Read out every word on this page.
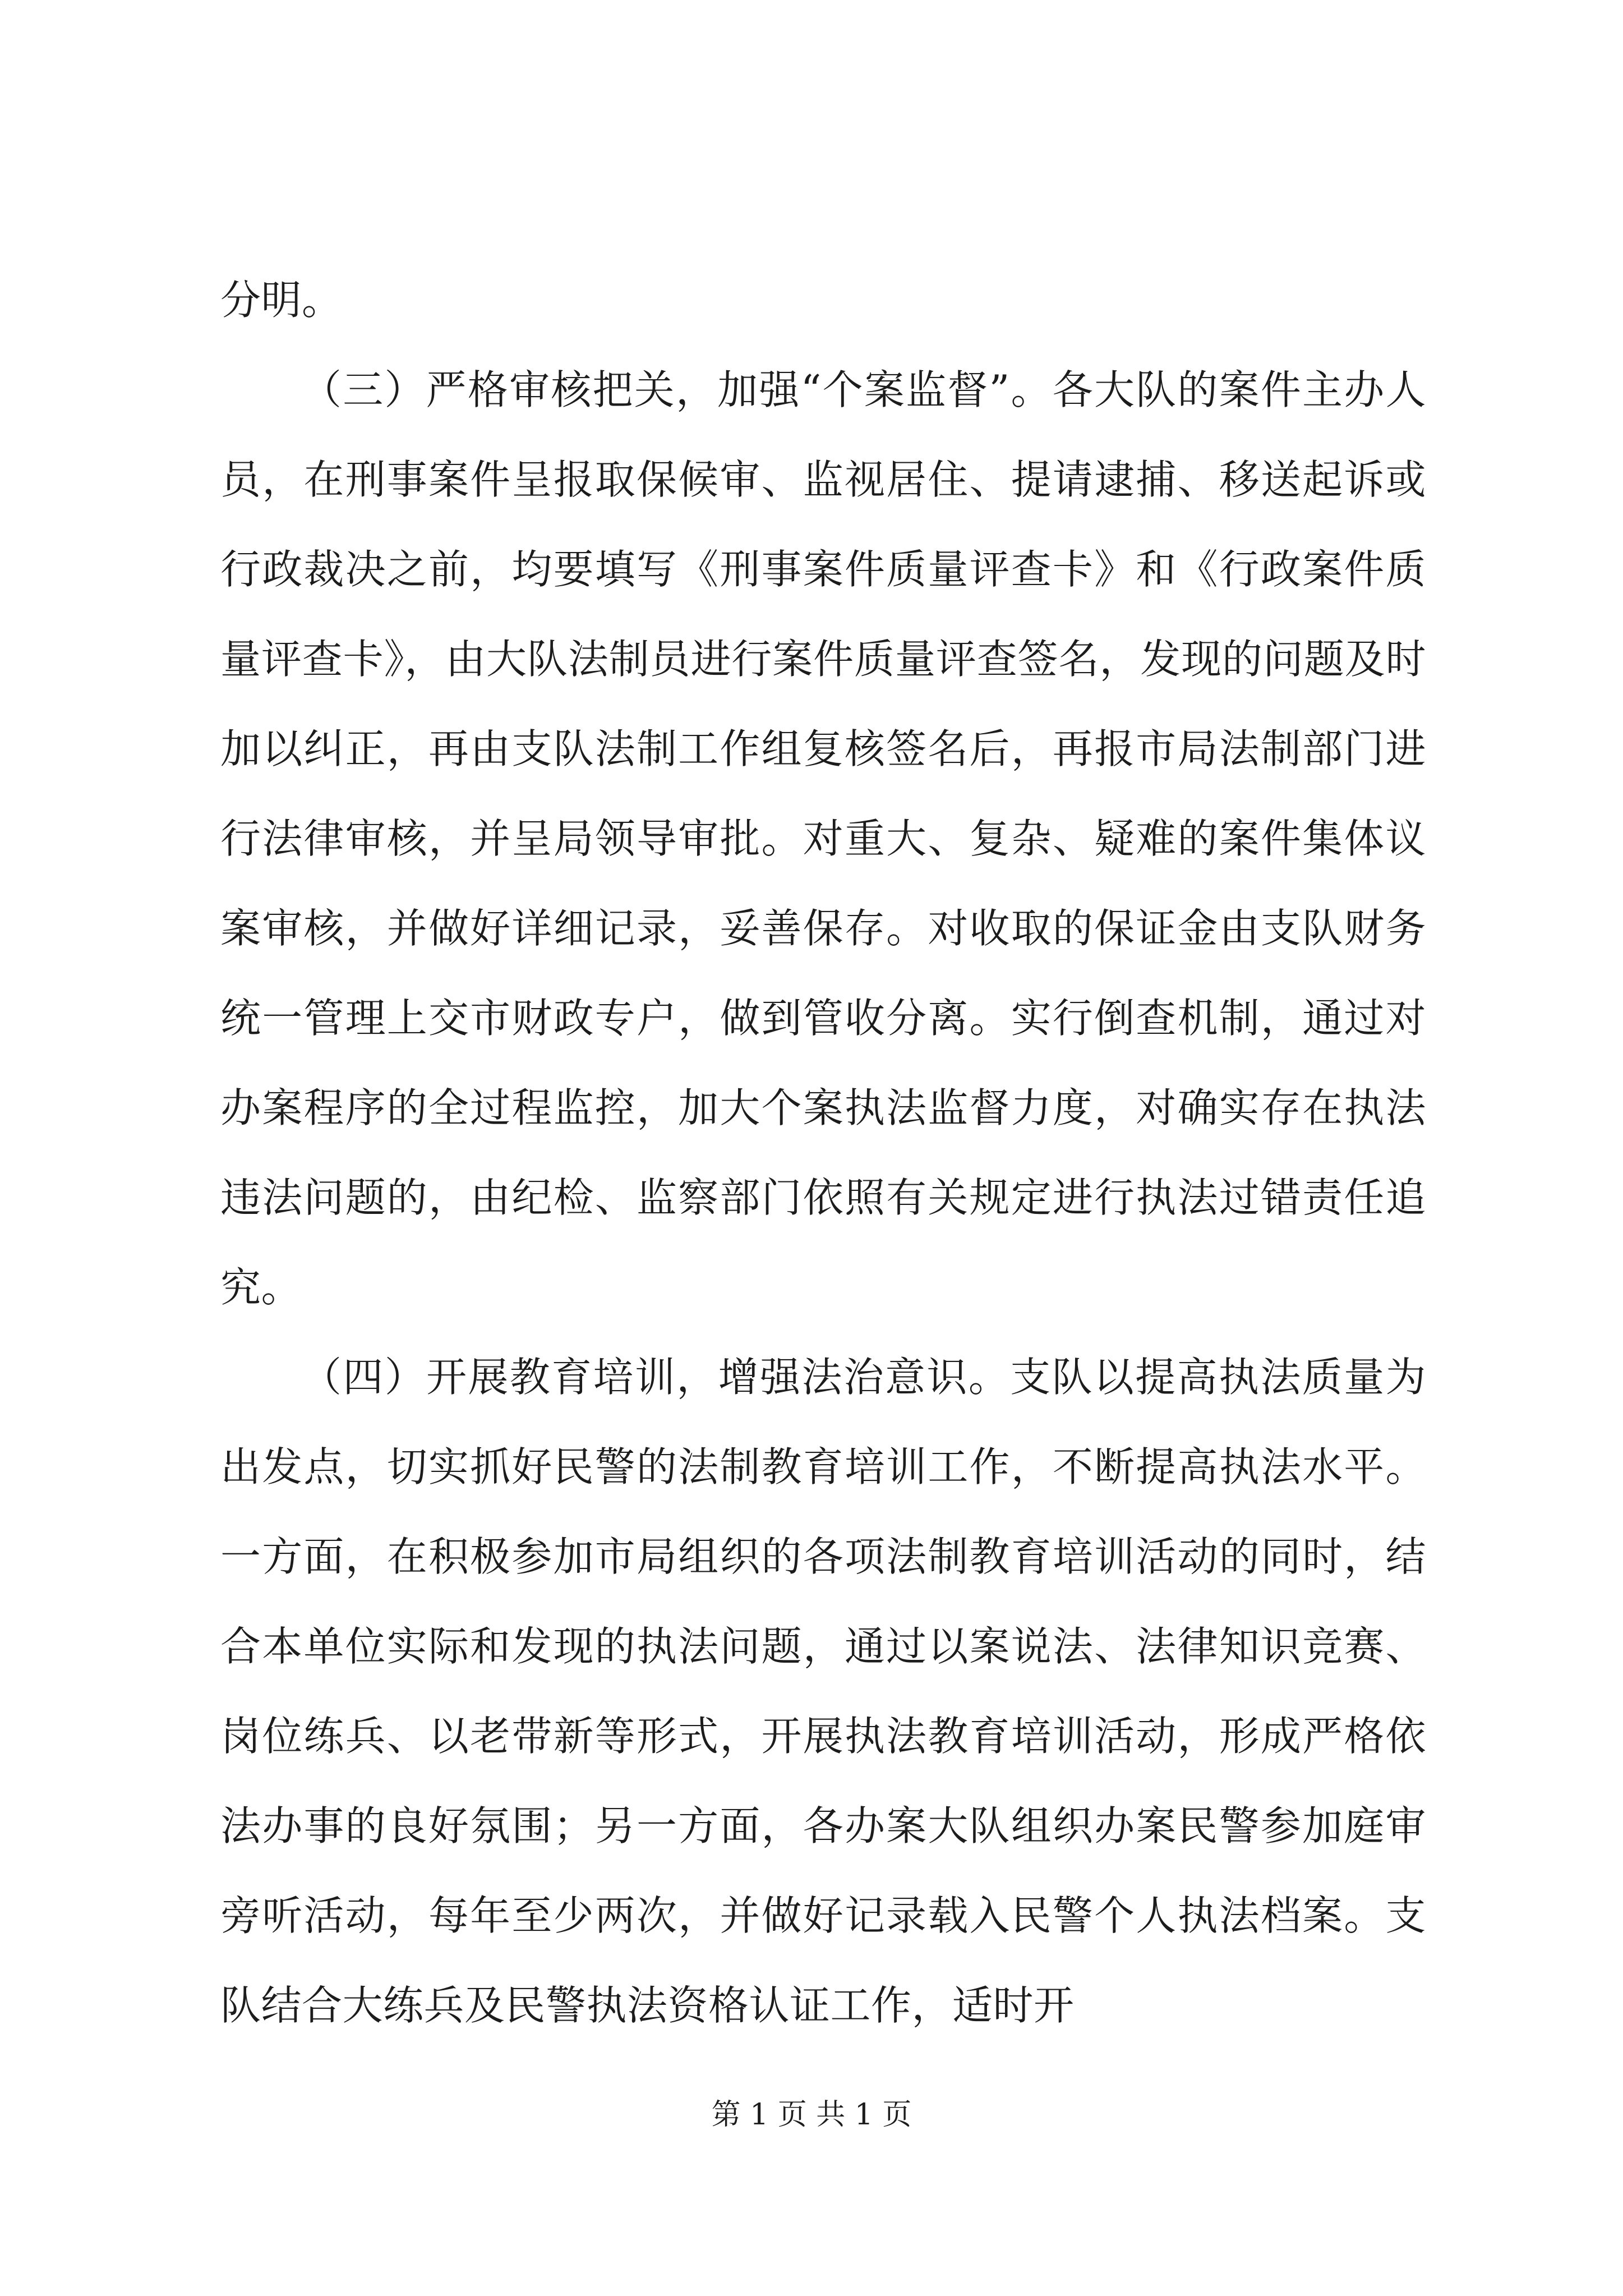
分明。

（三）严格审核把关，加强“个案监督”。各大队的案件主办人员，在刑事案件呈报取保候审、监视居住、提请逮捕、移送起诉或行政裁决之前，均要填写《刑事案件质量评查卡》和《行政案件质量评查卡》，由大队法制员进行案件质量评查签名，发现的问题及时加以纠正，再由支队法制工作组复核签名后，再报市局法制部门进行法律审核，并呈局领导审批。对重大、复杂、疑难的案件集体议案审核，并做好详细记录，妥善保存。对收取的保证金由支队财务统一管理上交市财政专户，做到管收分离。实行倒查机制，通过对办案程序的全过程监控，加大个案执法监督力度，对确实存在执法违法问题的，由纪检、监察部门依照有关规定进行执法过错责任追究。

（四）开展教育培训，增强法治意识。支队以提高执法质量为出发点，切实抓好民警的法制教育培训工作，不断提高执法水平。一方面，在积极参加市局组织的各项法制教育培训活动的同时，结合本单位实际和发现的执法问题，通过以案说法、法律知识竞赛、岗位练兵、以老带新等形式，开展执法教育培训活动，形成严格依法办事的良好氛围；另一方面，各办案大队组织办案民警参加庭审旁听活动，每年至少两次，并做好记录载入民警个人执法档案。支队结合大练兵及民警执法资格认证工作，适时开

第 1 页 共 1 页
